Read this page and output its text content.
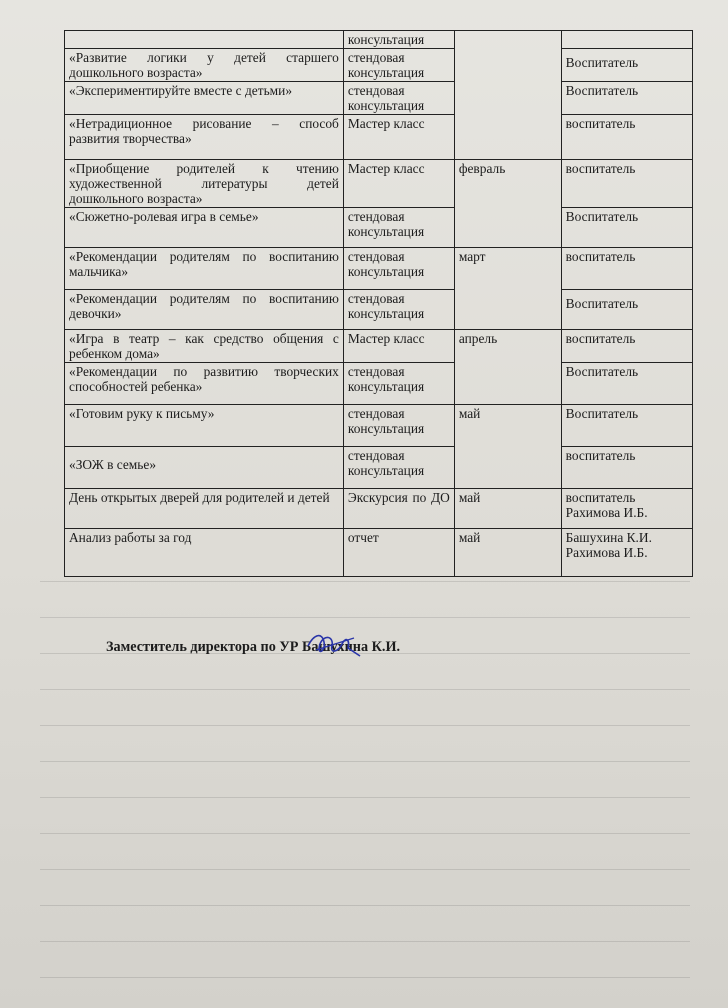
	консультация		
«Развитие логики у детей старшего дошкольного возраста»	стендовая консультация		Воспитатель
«Экспериментируйте вместе с детьми»	стендовая консультация		Воспитатель
«Нетрадиционное рисование – способ развития творчества»	Мастер класс		воспитатель
«Приобщение родителей к чтению художественной литературы детей дошкольного возраста»	Мастер класс	февраль	воспитатель
«Сюжетно-ролевая игра в семье»	стендовая консультация		Воспитатель
«Рекомендации родителям по воспитанию мальчика»	стендовая консультация	март	воспитатель
«Рекомендации родителям по воспитанию девочки»	стендовая консультация		Воспитатель
«Игра в театр – как средство общения с ребенком дома»	Мастер класс	апрель	воспитатель
«Рекомендации по развитию творческих способностей ребенка»	стендовая консультация		Воспитатель
«Готовим руку к письму»	стендовая консультация	май	Воспитатель
«ЗОЖ в семье»	стендовая консультация		воспитатель
День открытых дверей для родителей и детей	Экскурсия по ДО	май	воспитатель Рахимова И.Б.
Анализ работы за год	отчет	май	Башухина К.И. Рахимова И.Б.
Заместитель директора по УР Башухина К.И.
